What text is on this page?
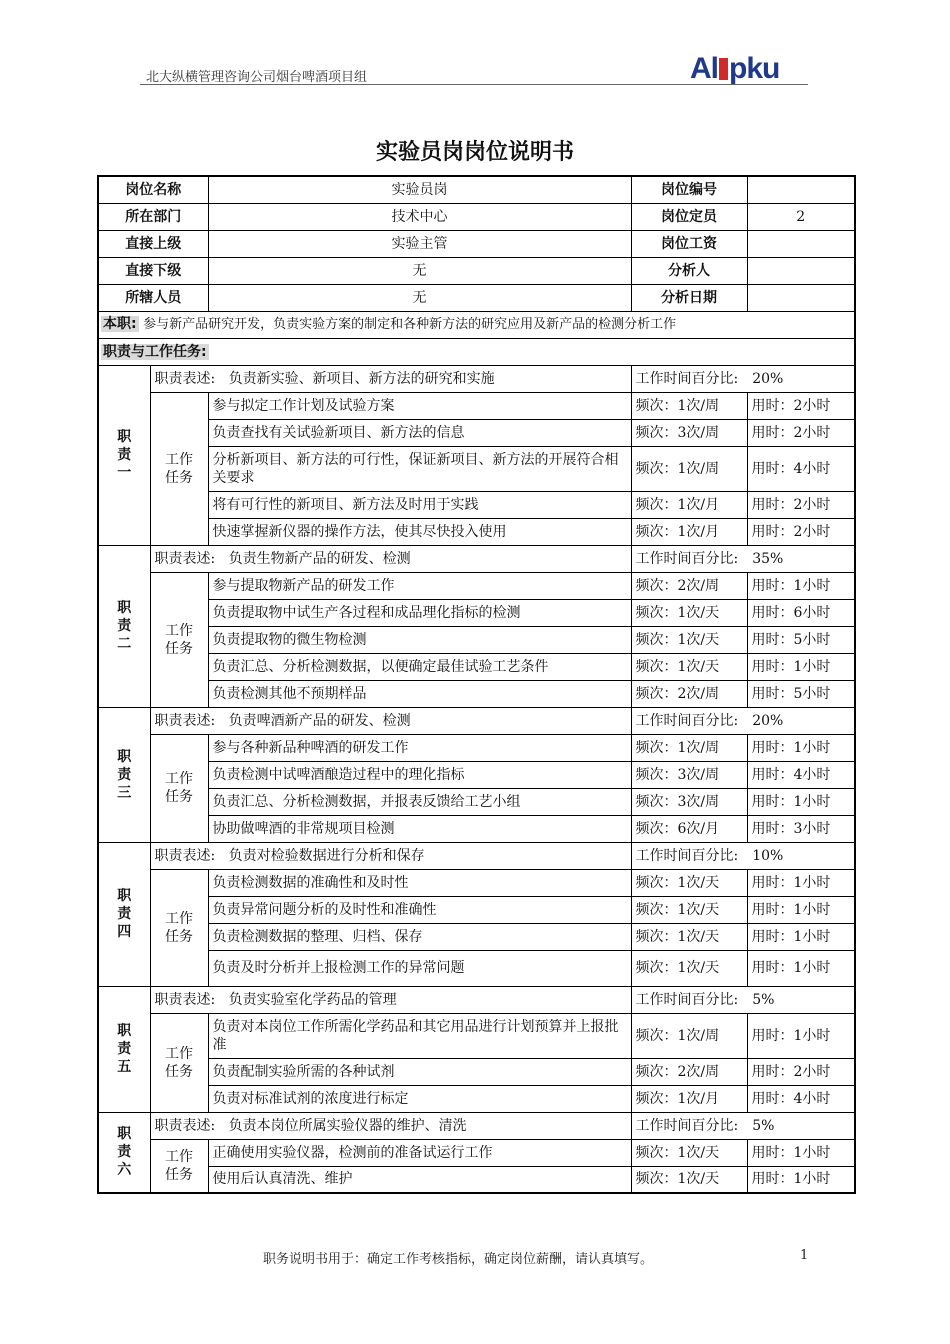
北大纵横管理咨询公司烟台啤酒项目组	Al pku
实验员岗岗位说明书
岗位名称		实验员岗	岗位编号	
所在部门		技术中心	岗位定员	2
直接上级		实验主管	岗位工资	
直接下级		无	分析人	
所辖人员		无	分析日期	
本职: 参与新产品研究开发，负责实验方案的制定和各种新方法的研究应用及新产品的检测分析工作				
职责与工作任务:				

职
责
一	职责表述: 负责新实验、新项目、新方法的研究和实施		工作时间百分比:　20%	

	工作
任务	参与拟定工作计划及试验方案	频次：1次/周	用时：2小时
		负责查找有关试验新项目、新方法的信息	频次：3次/周	用时：2小时
		分析新项目、新方法的可行性，保证新项目、新方法的开展符合相关要求	频次：1次/周	用时：4小时
		将有可行性的新项目、新方法及时用于实践	频次：1次/月	用时：2小时
		快速掌握新仪器的操作方法，使其尽快投入使用	频次：1次/月	用时：2小时

职
责
二	职责表述: 负责生物新产品的研发、检测		工作时间百分比:　35%	

	工作
任务	参与提取物新产品的研发工作	频次：2次/周	用时：1小时
		负责提取物中试生产各过程和成品理化指标的检测	频次：1次/天	用时：6小时
		负责提取物的微生物检测	频次：1次/天	用时：5小时
		负责汇总、分析检测数据，以便确定最佳试验工艺条件	频次：1次/天	用时：1小时
		负责检测其他不预期样品	频次：2次/周	用时：5小时

职
责
三	职责表述: 负责啤酒新产品的研发、检测		工作时间百分比:　20%	

	工作
任务	参与各种新品种啤酒的研发工作	频次：1次/周	用时：1小时
		负责检测中试啤酒酿造过程中的理化指标	频次：3次/周	用时：4小时
		负责汇总、分析检测数据，并报表反馈给工艺小组	频次：3次/周	用时：1小时
		协助做啤酒的非常规项目检测	频次：6次/月	用时：3小时

职
责
四	职责表述: 负责对检验数据进行分析和保存		工作时间百分比:　10%	

	工作
任务	负责检测数据的准确性和及时性	频次：1次/天	用时：1小时
		负责异常问题分析的及时性和准确性	频次：1次/天	用时：1小时
		负责检测数据的整理、归档、保存	频次：1次/天	用时：1小时
		负责及时分析并上报检测工作的异常问题	频次：1次/天	用时：1小时

职
责
五	职责表述: 负责实验室化学药品的管理		工作时间百分比:　5%	

	工作
任务	负责对本岗位工作所需化学药品和其它用品进行计划预算并上报批准	频次：1次/周	用时：1小时
		负责配制实验所需的各种试剂	频次：2次/周	用时：2小时
		负责对标准试剂的浓度进行标定	频次：1次/月	用时：4小时

职
责
六	职责表述: 负责本岗位所属实验仪器的维护、清洗		工作时间百分比:　5%	

	工作
任务	正确使用实验仪器，检测前的准备试运行工作	频次：1次/天	用时：1小时
		使用后认真清洗、维护	频次：1次/天	用时：1小时
职务说明书用于：确定工作考核指标，确定岗位薪酬，请认真填写。	1
